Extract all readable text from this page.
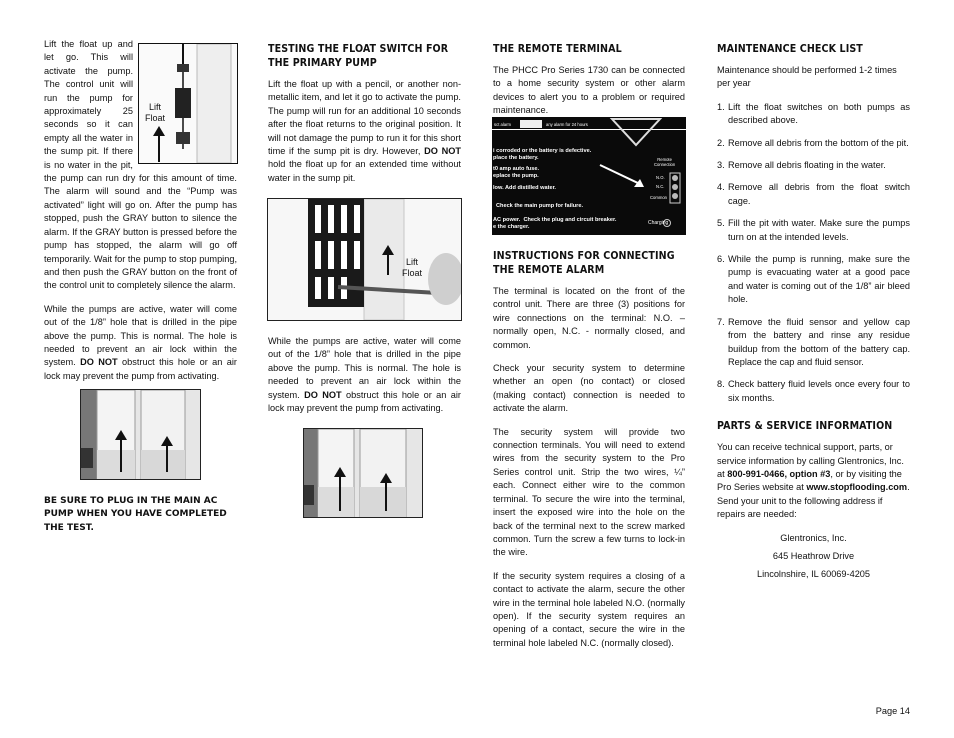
Lift the float up and let go. This will activate the pump. The control unit will run the pump for approximately 25 seconds so it can empty all the water in the sump pit. If there is no water in the pit, the pump can run dry for this amount of time. The alarm will sound and the “Pump was activated” light will go on. After the pump has stopped, push the GRAY button to silence the alarm. If the GRAY button is pressed before the pump has stopped, the alarm will go off temporarily. Wait for the pump to stop pumping, and then push the GRAY button on the front of the control unit to completely silence the alarm.

While the pumps are active, water will come out of the 1/8” hole that is drilled in the pipe above the pump. This is normal. The hole is needed to prevent an air lock within the system. DO NOT obstruct this hole or an air lock may prevent the pump from activating.

Lift
Float
BE SURE TO PLUG IN THE MAIN AC PUMP WHEN YOU HAVE COMPLETED THE TEST.
TESTING THE FLOAT SWITCH FOR THE PRIMARY PUMP

Lift the float up with a pencil, or another non-metallic item, and let it go to activate the pump. The pump will run for an additional 10 seconds after the float returns to the original position. It will not damage the pump to run it for this short time if the sump pit is dry. However, DO NOT hold the float up for an extended time without water in the sump pit.

Lift
Float

While the pumps are active, water will come out of the 1/8” hole that is drilled in the pipe above the pump. This is normal. The hole is needed to prevent an air lock within the system. DO NOT obstruct this hole or an air lock may prevent the pump from activating.

THE REMOTE TERMINAL

The PHCC Pro Series 1730 can be connected to a home security system or other alarm devices to alert you to a problem or required maintenance.

sct alarm	any alarm for 24 hours
i corroded or the battery is defective.
place the battery.
t0 amp auto fuse.
eplace the pump.
low. Add distilled water.
Check the main pump for failure.
AC power.  Check the plug and circuit breaker.
e the charger.
Remote
Connection
N.O.
N.C.
Common
Charging
INSTRUCTIONS FOR CONNECTING THE REMOTE ALARM

The terminal is located on the front of the control unit. There are three (3) positions for wire connections on the terminal: N.O. – normally open, N.C. - normally closed, and common.

Check your security system to determine whether an open (no contact) or closed (making contact) connection is needed to activate the alarm.

The security system will provide two connection terminals. You will need to extend wires from the security system to the Pro Series control unit. Strip the two wires, ¼” each. Connect either wire to the common terminal. To secure the wire into the terminal, insert the exposed wire into the hole on the back of the terminal next to the screw marked common. Turn the screw a few turns to lock-in the wire.

If the security system requires a closing of a contact to activate the alarm, secure the other wire in the terminal hole labeled N.O. (normally open). If the security system requires an opening of a contact, secure the wire in the terminal hole labeled N.C. (normally closed).

MAINTENANCE CHECK LIST

Maintenance should be performed 1-2 times per year

1. Lift the float switches on both pumps as described above.
2. Remove all debris from the bottom of the pit.
3. Remove all debris floating in the water.
4. Remove all debris from the float switch cage.
5. Fill the pit with water. Make sure the pumps turn on at the intended levels.
6. While the pump is running, make sure the pump is evacuating water at a good pace and water is coming out of the 1/8” air bleed hole.
7. Remove the fluid sensor and yellow cap from the battery and rinse any residue buildup from the bottom of the battery cap. Replace the cap and fluid sensor.
8. Check battery fluid levels once every four to six months.
PARTS & SERVICE INFORMATION

You can receive technical support, parts, or service information by calling Glentronics, Inc. at 800-991-0466, option #3, or by visiting the Pro Series website at www.stopflooding.com. Send your unit to the following address if repairs are needed:

Glentronics, Inc.
645 Heathrow Drive
Lincolnshire, IL 60069-4205
Page 14
